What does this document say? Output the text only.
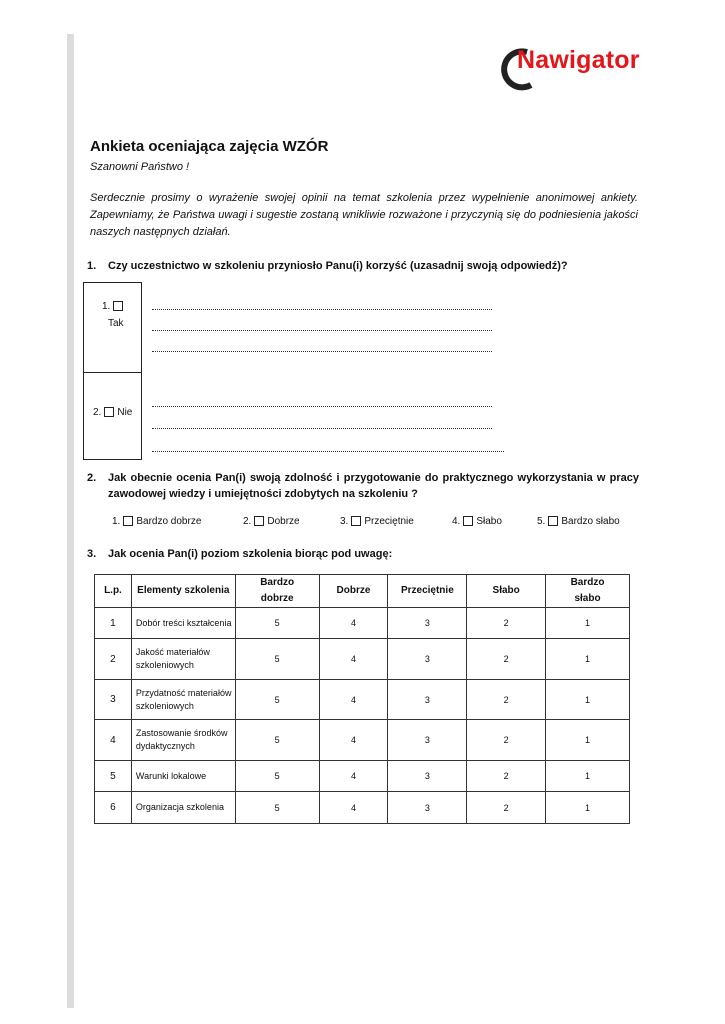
Nawigator
Ankieta oceniająca zajęcia WZÓR
Szanowni Państwo !
Serdecznie prosimy o wyrażenie swojej opinii na temat szkolenia przez wypełnienie anonimowej ankiety. Zapewniamy, że Państwa uwagi i sugestie zostaną wnikliwie rozważone i przyczynią się do podniesienia jakości naszych następnych działań.
1. Czy uczestnictwo w szkoleniu przyniosło Panu(i) korzyść (uzasadnij swoją odpowiedź)?
1.
Tak
2. Nie
2. Jak obecnie ocenia Pan(i) swoją zdolność i przygotowanie do praktycznego wykorzystania w pracy zawodowej wiedzy i umiejętności zdobytych na szkoleniu ?
1. Bardzo dobrze	2. Dobrze	3. Przeciętnie	4. Słabo	5. Bardzo słabo
3. Jak ocenia Pan(i) poziom szkolenia biorąc pod uwagę:
L.p.	Elementy szkolenia	Bardzo dobrze	Dobrze	Przeciętnie	Słabo	Bardzo słabo
1	Dobór treści kształcenia	5	4	3	2	1
2	Jakość materiałów szkoleniowych	5	4	3	2	1
3	Przydatność materiałów szkoleniowych	5	4	3	2	1
4	Zastosowanie środków dydaktycznych	5	4	3	2	1
5	Warunki lokalowe	5	4	3	2	1
6	Organizacja szkolenia	5	4	3	2	1
